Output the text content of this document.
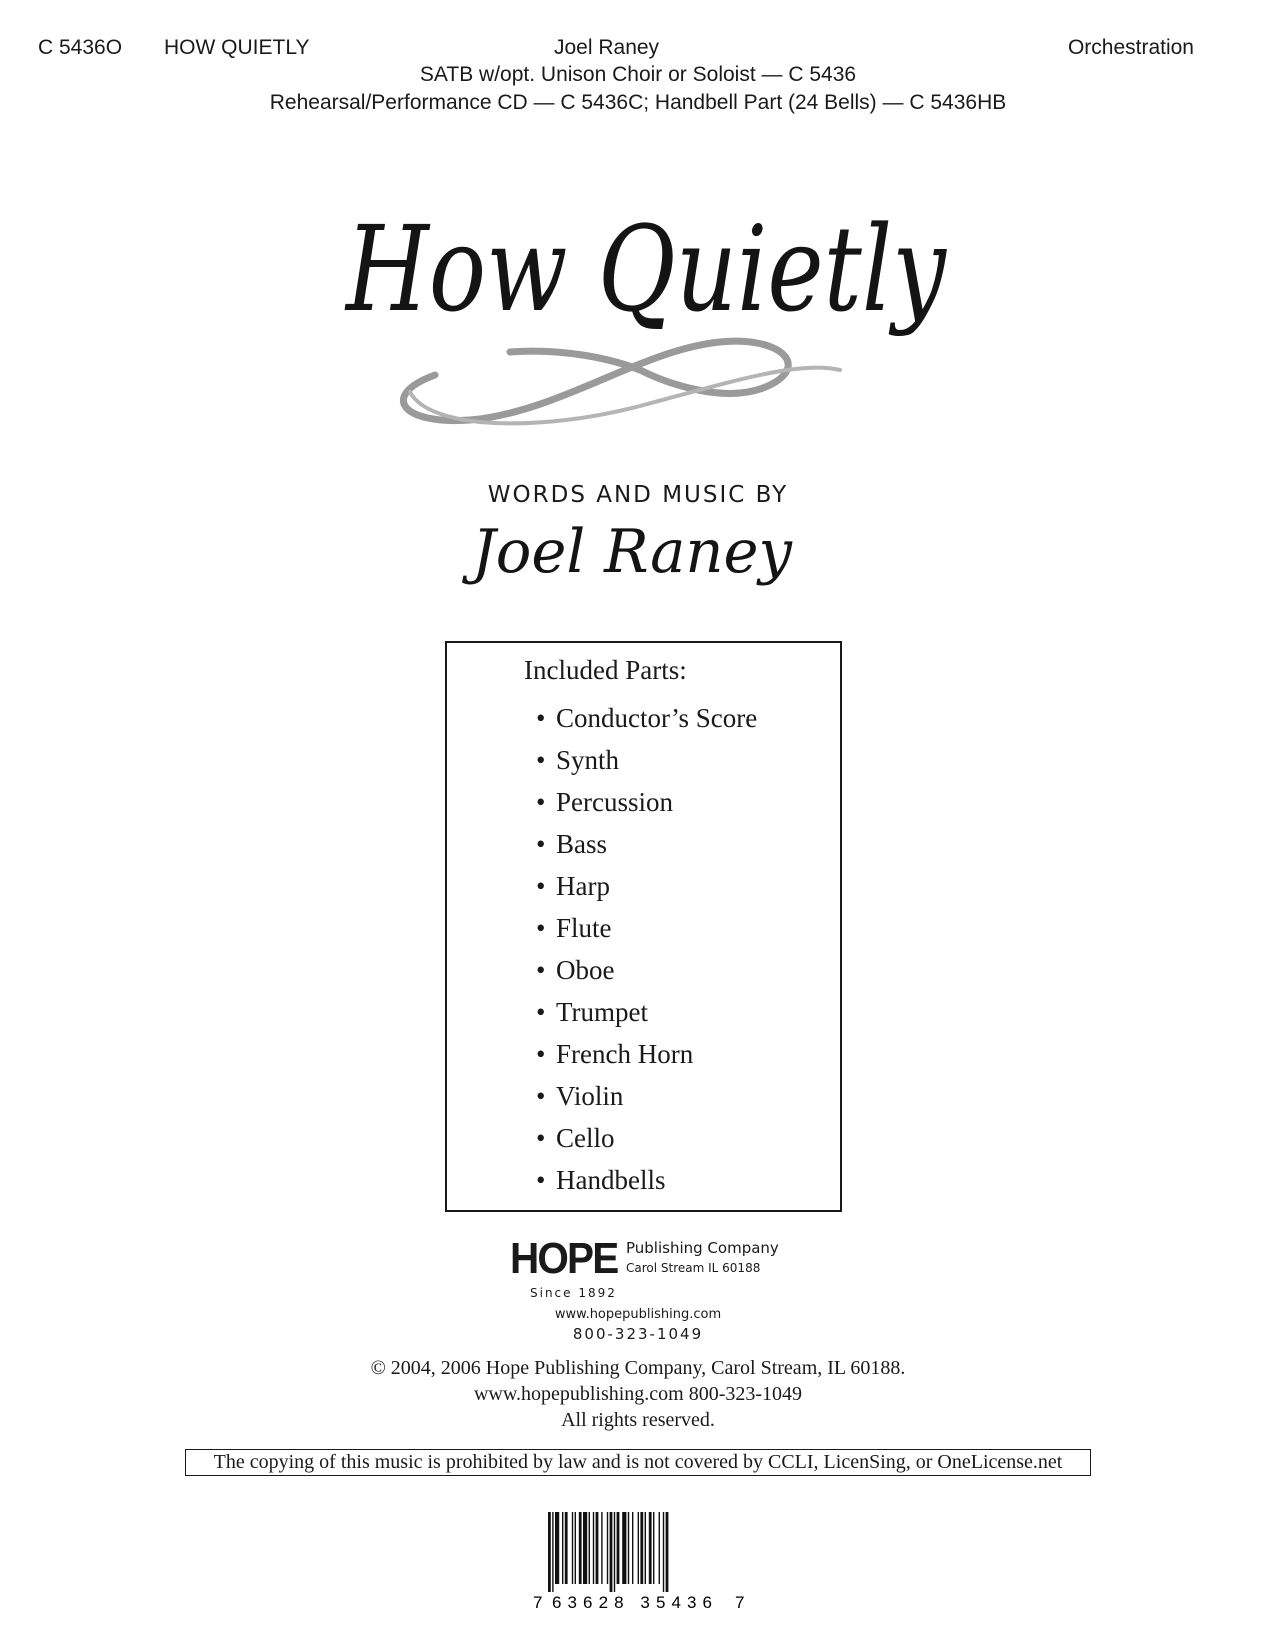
C 5436O HOW QUIETLY	Joel Raney	Orchestration
SATB w/opt. Unison Choir or Soloist — C 5436
Rehearsal/Performance CD — C 5436C; Handbell Part (24 Bells) — C 5436HB
How Quietly
WORDS AND MUSIC BY
Joel Raney
Included Parts:
• Conductor’s Score
• Synth
• Percussion
• Bass
• Harp
• Flute
• Oboe
• Trumpet
• French Horn
• Violin
• Cello
• Handbells
HOPE Publishing Company
Carol Stream IL 60188
Since 1892
www.hopepublishing.com
800-323-1049
© 2004, 2006 Hope Publishing Company, Carol Stream, IL 60188.
www.hopepublishing.com 800-323-1049
All rights reserved.
The copying of this music is prohibited by law and is not covered by CCLI, LicenSing, or OneLicense.net
7 63628 35436 7
